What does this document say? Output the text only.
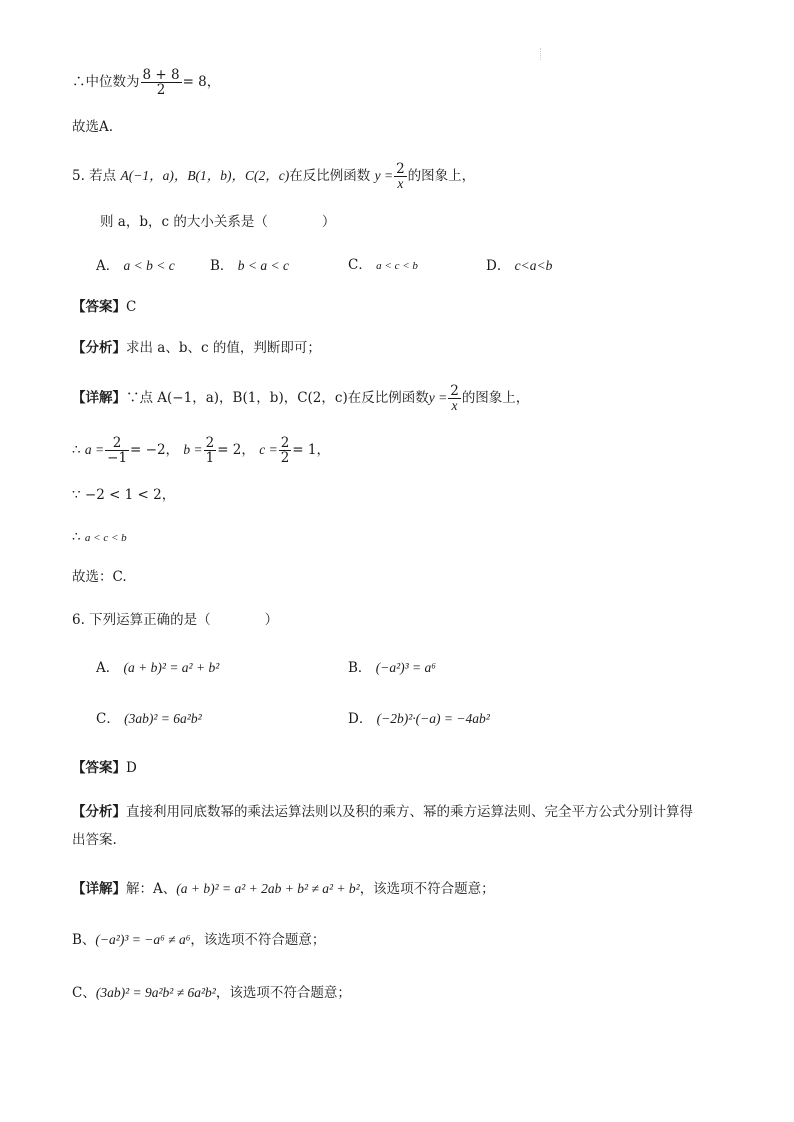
∴中位数为 $\frac{8 + 8}{2} = 8$，
故选A.
5. 若点 A(−1，a)，B(1，b)，C(2，c)在反比例函数 $y = \frac{2}{x}$ 的图象上，
则 a，b，c 的大小关系是（　　　　）
A． a < b < c	B． b < a < c	C． a < c < b	D． c<a<b
【答案】C
【分析】求出 a、b、c 的值，判断即可；
【详解】∵点 A(−1，a)，B(1，b)，C(2，c)在反比例函数$y = \frac{2}{x}$ 的图象上，
∴ $a = \frac{2}{-1} = -2$， $b = \frac{2}{1} = 2$， $c = \frac{2}{2} = 1$，
∵ −2 < 1 < 2，
∴ a < c < b
故选：C.
6. 下列运算正确的是（　　　　）
A． (a + b)² = a² + b²	B． (−a²)³ = a⁶
C． (3ab)² = 6a²b²	D． (−2b)²·(−a) = −4ab²
【答案】D
【分析】直接利用同底数幂的乘法运算法则以及积的乘方、幂的乘方运算法则、完全平方公式分别计算得
出答案.
【详解】解：A、(a + b)² = a² + 2ab + b² ≠ a² + b²，该选项不符合题意；
B、(−a²)³ = −a⁶ ≠ a⁶，该选项不符合题意；
C、(3ab)² = 9a²b² ≠ 6a²b²，该选项不符合题意；
